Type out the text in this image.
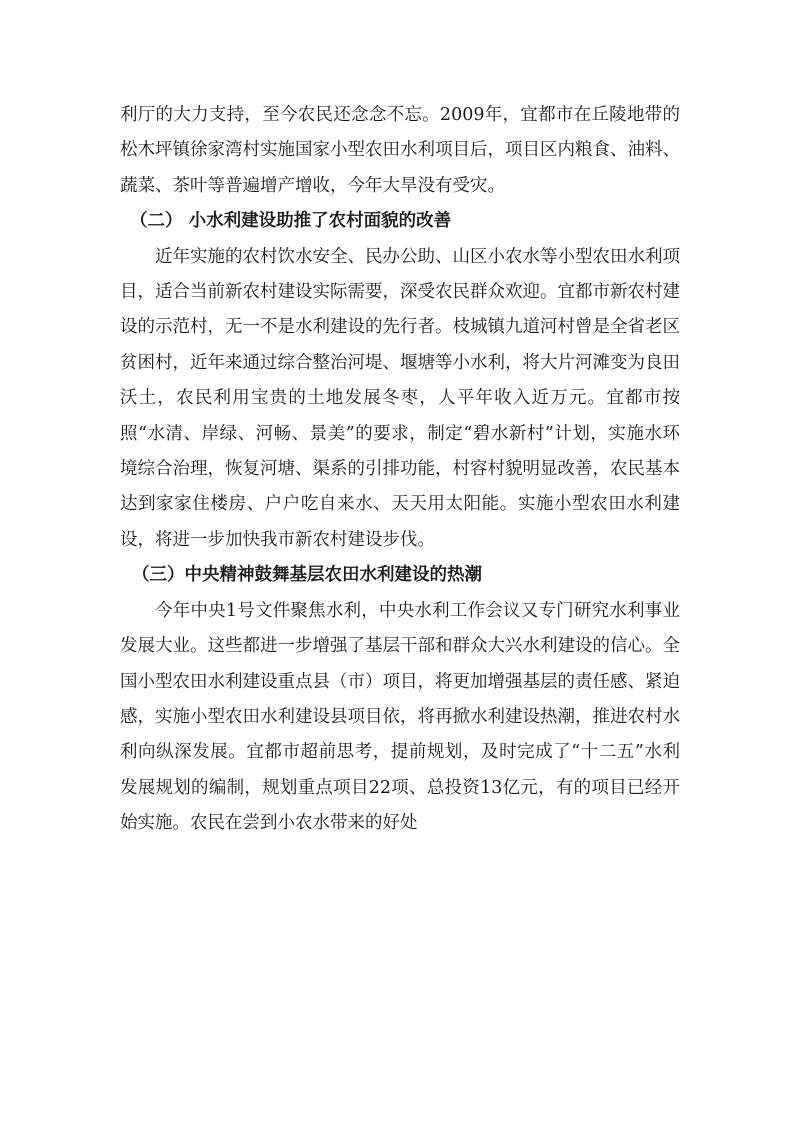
利厅的大力支持，至今农民还念念不忘。2009年，宜都市在丘陵地带的松木坪镇徐家湾村实施国家小型农田水利项目后，项目区内粮食、油料、蔬菜、茶叶等普遍增产增收，今年大旱没有受灾。

（二） 小水利建设助推了农村面貌的改善

近年实施的农村饮水安全、民办公助、山区小农水等小型农田水利项目，适合当前新农村建设实际需要，深受农民群众欢迎。宜都市新农村建设的示范村，无一不是水利建设的先行者。枝城镇九道河村曾是全省老区贫困村，近年来通过综合整治河堤、堰塘等小水利，将大片河滩变为良田沃土，农民利用宝贵的土地发展冬枣，人平年收入近万元。宜都市按照“水清、岸绿、河畅、景美”的要求，制定“碧水新村”计划，实施水环境综合治理，恢复河塘、渠系的引排功能，村容村貌明显改善，农民基本达到家家住楼房、户户吃自来水、天天用太阳能。实施小型农田水利建设，将进一步加快我市新农村建设步伐。

（三）中央精神鼓舞基层农田水利建设的热潮

今年中央1号文件聚焦水利，中央水利工作会议又专门研究水利事业发展大业。这些都进一步增强了基层干部和群众大兴水利建设的信心。全国小型农田水利建设重点县（市）项目，将更加增强基层的责任感、紧迫感，实施小型农田水利建设县项目依，将再掀水利建设热潮，推进农村水利向纵深发展。宜都市超前思考，提前规划，及时完成了“十二五”水利发展规划的编制，规划重点项目22项、总投资13亿元，有的项目已经开始实施。农民在尝到小农水带来的好处
